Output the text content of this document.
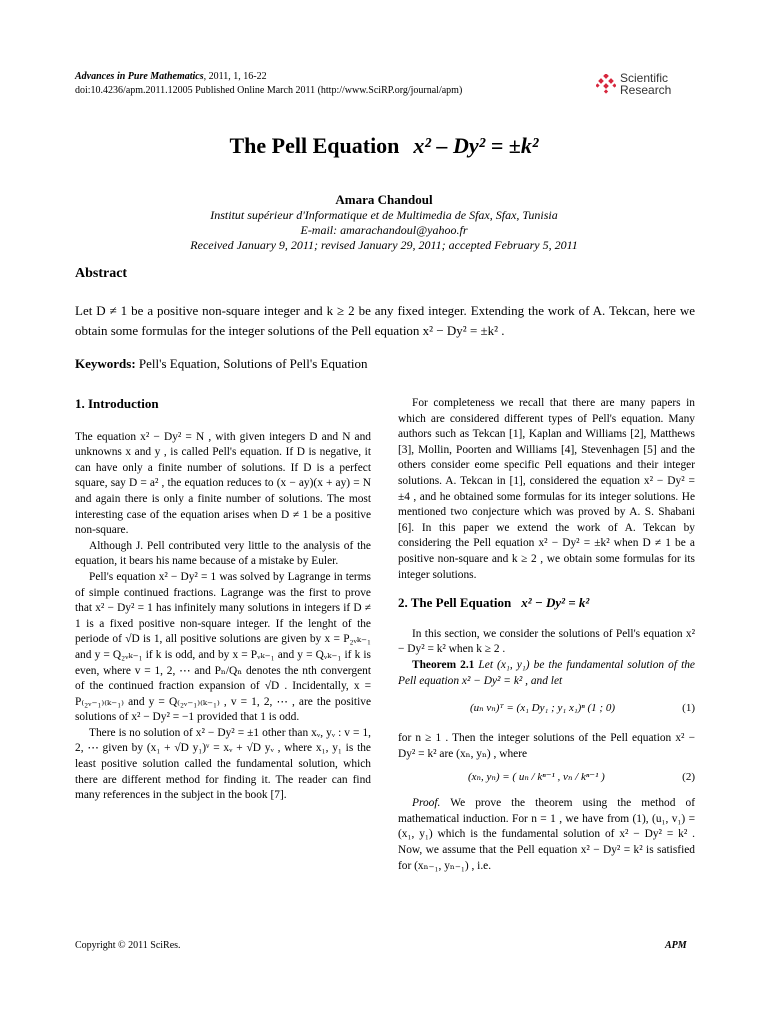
Advances in Pure Mathematics, 2011, 1, 16-22
doi:10.4236/apm.2011.12005 Published Online March 2011 (http://www.SciRP.org/journal/apm)
Scientific
Research
The Pell Equation x² – Dy² = ±k²
Amara Chandoul
Institut supérieur d'Informatique et de Multimedia de Sfax, Sfax, Tunisia
E-mail: amarachandoul@yahoo.fr
Received January 9, 2011; revised January 29, 2011; accepted February 5, 2011
Abstract
Let D ≠ 1 be a positive non-square integer and k ≥ 2 be any fixed integer. Extending the work of A. Tekcan, here we obtain some formulas for the integer solutions of the Pell equation x² − Dy² = ±k² .
Keywords: Pell's Equation, Solutions of Pell's Equation
1. Introduction

The equation x² − Dy² = N , with given integers D and N and unknowns x and y , is called Pell's equation. If D is negative, it can have only a finite number of solutions. If D is a perfect square, say D = a² , the equation reduces to (x − ay)(x + ay) = N and again there is only a finite number of solutions. The most interesting case of the equation arises when D ≠ 1 be a positive non-square.

Although J. Pell contributed very little to the analysis of the equation, it bears his name because of a mistake by Euler.

Pell's equation x² − Dy² = 1 was solved by Lagrange in terms of simple continued fractions. Lagrange was the first to prove that x² − Dy² = 1 has infinitely many solutions in integers if D ≠ 1 is a fixed positive non-square integer. If the lenght of the periode of √D is 1, all positive solutions are given by x = P₂ᵥₖ₋₁ and y = Q₂ᵥₖ₋₁ if k is odd, and by x = Pᵥₖ₋₁ and y = Qᵥₖ₋₁ if k is even, where v = 1, 2, ⋯ and Pₙ/Qₙ denotes the nth convergent of the continued fraction expansion of √D . Incidentally, x = P₍₂ᵥ₋₁₎₍ₖ₋₁₎ and y = Q₍₂ᵥ₋₁₎₍ₖ₋₁₎ , v = 1, 2, ⋯ , are the positive solutions of x² − Dy² = −1 provided that 1 is odd.

There is no solution of x² − Dy² = ±1 other than xᵥ, yᵥ : v = 1, 2, ⋯ given by (x₁ + √D y₁)ᵛ = xᵥ + √D yᵥ , where x₁, y₁ is the least positive solution called the fundamental solution, which there are different method for finding it. The reader can find many references in the subject in the book [7].

For completeness we recall that there are many papers in which are considered different types of Pell's equation. Many authors such as Tekcan [1], Kaplan and Williams [2], Matthews [3], Mollin, Poorten and Williams [4], Stevenhagen [5] and the others consider eome specific Pell equations and their integer solutions. A. Tekcan in [1], considered the equation x² − Dy² = ±4 , and he obtained some formulas for its integer solutions. He mentioned two conjecture which was proved by A. S. Shabani [6]. In this paper we extend the work of A. Tekcan by considering the Pell equation x² − Dy² = ±k² when D ≠ 1 be a positive non-square and k ≥ 2 , we obtain some formulas for its integer solutions.

2. The Pell Equation x² − Dy² = k²

In this section, we consider the solutions of Pell's equation x² − Dy² = k² when k ≥ 2 .

Theorem 2.1 Let (x₁, y₁) be the fundamental solution of the Pell equation x² − Dy² = k² , and let

(uₙ vₙ)ᵀ = (x₁ Dy₁ ; y₁ x₁)ⁿ (1 ; 0)	(1)

for n ≥ 1 . Then the integer solutions of the Pell equation x² − Dy² = k² are (xₙ, yₙ) , where

(xₙ, yₙ) = ( uₙ / kⁿ⁻¹ , vₙ / kⁿ⁻¹ )	(2)

Proof. We prove the theorem using the method of mathematical induction. For n = 1 , we have from (1), (u₁, v₁) = (x₁, y₁) which is the fundamental solution of x² − Dy² = k² . Now, we assume that the Pell equation x² − Dy² = k² is satisfied for (xₙ₋₁, yₙ₋₁) , i.e.

Copyright © 2011 SciRes.	APM
